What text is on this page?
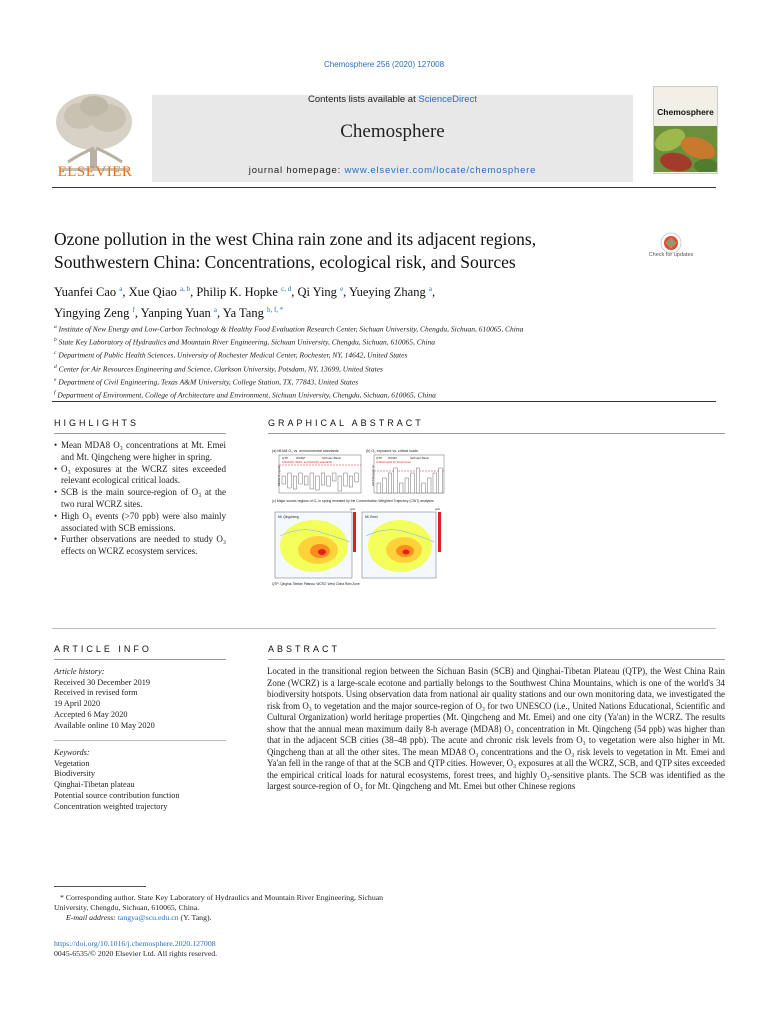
Chemosphere 256 (2020) 127008
ELSEVIER
Contents lists available at ScienceDirect
Chemosphere
journal homepage: www.elsevier.com/locate/chemosphere
Chemosphere
Ozone pollution in the west China rain zone and its adjacent regions, Southwestern China: Concentrations, ecological risk, and Sources	Check for updates
Yuanfei Cao $^a$, Xue Qiao $^{a, b}$, Philip K. Hopke $^{c, d}$, Qi Ying $^e$, Yueying Zhang $^a$,
Yingying Zeng $^f$, Yanping Yuan $^a$, Ya Tang $^{b, f, *}$
$^a$ Institute of New Energy and Low-Carbon Technology & Healthy Food Evaluation Research Center, Sichuan University, Chengdu, Sichuan, 610065, China
$^b$ State Key Laboratory of Hydraulics and Mountain River Engineering, Sichuan University, Chengdu, Sichuan, 610065, China
$^c$ Department of Public Health Sciences, University of Rochester Medical Center, Rochester, NY, 14642, United States
$^d$ Center for Air Resources Engineering and Science, Clarkson University, Potsdam, NY, 13699, United States
$^e$ Department of Civil Engineering, Texas A&M University, College Station, TX, 77843, United States
$^f$ Department of Environment, College of Architecture and Environment, Sichuan University, Chengdu, Sichuan, 610065, China
HIGHLIGHTS
• Mean MDA8 O₃ concentrations at Mt. Emei and Mt. Qingcheng were higher in spring.
• O₃ exposures at the WCRZ sites exceeded relevant ecological critical loads.
• SCB is the main source-region of O₃ at the two rural WCRZ sites.
• High O₃ events (>70 ppb) were also mainly associated with SCB emissions.
• Further observations are needed to study O₃ effects on WCRZ ecosystem services.
GRAPHICAL ABSTRACT
(a) MDA8 O₃ vs. environmental standards	(b) O₃ exposure vs. critical loads
MDA8 O₃ (ppb)
QTP	WCRZ	Sichuan Basin
CNAAQS, WHO, and NAAQS standards
AOT40 (ppm h)
QTP WCRZ	Sichuan Basin
Critical loads for forest trees
(c) Major source-regions of O₃ in spring revealed by the Concentration Weighted Trajectory (CWT) analyses
Mt. Qingcheng
ppb
Mt. Emei
ppb
QTP: Qinghai-Tibetan Plateau; WCRZ: West China Rain Zone
ARTICLE INFO
Article history:
Received 30 December 2019
Received in revised form
19 April 2020
Accepted 6 May 2020
Available online 10 May 2020
Keywords:
Vegetation
Biodiversity
Qinghai-Tibetan plateau
Potential source contribution function
Concentration weighted trajectory
ABSTRACT
Located in the transitional region between the Sichuan Basin (SCB) and Qinghai-Tibetan Plateau (QTP), the West China Rain Zone (WCRZ) is a large-scale ecotone and partially belongs to the Southwest China Mountains, which is one of the world's 34 biodiversity hotspots. Using observation data from national air quality stations and our own monitoring data, we investigated the risk from O₃ to vegetation and the major source-region of O₃ for two UNESCO (i.e., United Nations Educational, Scientific and Cultural Organization) world heritage properties (Mt. Qingcheng and Mt. Emei) and one city (Ya'an) in the WCRZ. The results show that the annual mean maximum daily 8-h average (MDA8) O₃ concentration in Mt. Qingcheng (54 ppb) was higher than that in the adjacent SCB cities (38–48 ppb). The acute and chronic risk levels from O₃ to vegetation were also higher in Mt. Qingcheng than at all the other sites. The mean MDA8 O₃ concentrations and the O₃ risk levels to vegetation in Mt. Emei and Ya'an fell in the range of that at the SCB and QTP cities. However, O₃ exposures at all the WCRZ, SCB, and QTP sites exceeded the empirical critical loads for natural ecosystems, forest trees, and highly O₃-sensitive plants. The SCB was identified as the largest source-region of O₃ for Mt. Qingcheng and Mt. Emei but other Chinese regions
* Corresponding author. State Key Laboratory of Hydraulics and Mountain River Engineering, Sichuan University, Chengdu, Sichuan, 610065, China.
E-mail address: tangya@scu.edu.cn (Y. Tang).
https://doi.org/10.1016/j.chemosphere.2020.127008
0045-6535/© 2020 Elsevier Ltd. All rights reserved.
